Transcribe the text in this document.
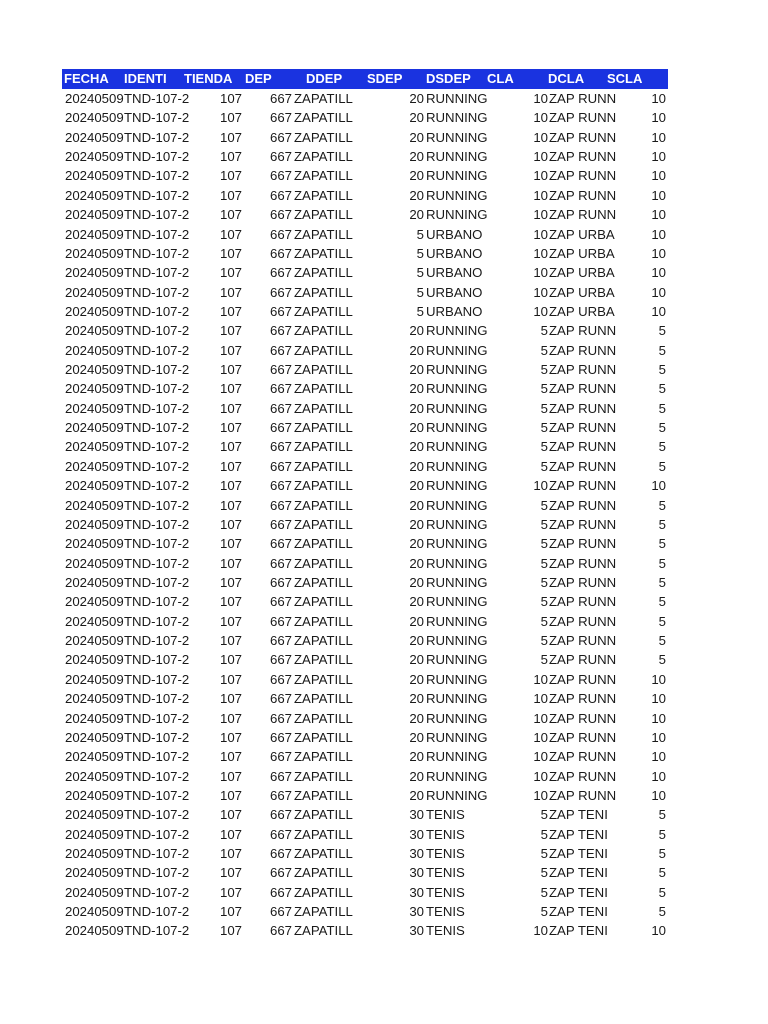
FECHA	IDENTI	TIENDA DEP	DDEP	SDEP	DSDEP	CLA	DCLA	SCLA
20240509 TND-107-2	107	667 ZAPATILL	20 RUNNING	10 ZAP RUNN	10
20240509 TND-107-2	107	667 ZAPATILL	20 RUNNING	10 ZAP RUNN	10
20240509 TND-107-2	107	667 ZAPATILL	20 RUNNING	10 ZAP RUNN	10
20240509 TND-107-2	107	667 ZAPATILL	20 RUNNING	10 ZAP RUNN	10
20240509 TND-107-2	107	667 ZAPATILL	20 RUNNING	10 ZAP RUNN	10
20240509 TND-107-2	107	667 ZAPATILL	20 RUNNING	10 ZAP RUNN	10
20240509 TND-107-2	107	667 ZAPATILL	20 RUNNING	10 ZAP RUNN	10
20240509 TND-107-2	107	667 ZAPATILL	5 URBANO	10 ZAP URBA	10
20240509 TND-107-2	107	667 ZAPATILL	5 URBANO	10 ZAP URBA	10
20240509 TND-107-2	107	667 ZAPATILL	5 URBANO	10 ZAP URBA	10
20240509 TND-107-2	107	667 ZAPATILL	5 URBANO	10 ZAP URBA	10
20240509 TND-107-2	107	667 ZAPATILL	5 URBANO	10 ZAP URBA	10
20240509 TND-107-2	107	667 ZAPATILL	20 RUNNING	5 ZAP RUNN	5
20240509 TND-107-2	107	667 ZAPATILL	20 RUNNING	5 ZAP RUNN	5
20240509 TND-107-2	107	667 ZAPATILL	20 RUNNING	5 ZAP RUNN	5
20240509 TND-107-2	107	667 ZAPATILL	20 RUNNING	5 ZAP RUNN	5
20240509 TND-107-2	107	667 ZAPATILL	20 RUNNING	5 ZAP RUNN	5
20240509 TND-107-2	107	667 ZAPATILL	20 RUNNING	5 ZAP RUNN	5
20240509 TND-107-2	107	667 ZAPATILL	20 RUNNING	5 ZAP RUNN	5
20240509 TND-107-2	107	667 ZAPATILL	20 RUNNING	5 ZAP RUNN	5
20240509 TND-107-2	107	667 ZAPATILL	20 RUNNING	10 ZAP RUNN	10
20240509 TND-107-2	107	667 ZAPATILL	20 RUNNING	5 ZAP RUNN	5
20240509 TND-107-2	107	667 ZAPATILL	20 RUNNING	5 ZAP RUNN	5
20240509 TND-107-2	107	667 ZAPATILL	20 RUNNING	5 ZAP RUNN	5
20240509 TND-107-2	107	667 ZAPATILL	20 RUNNING	5 ZAP RUNN	5
20240509 TND-107-2	107	667 ZAPATILL	20 RUNNING	5 ZAP RUNN	5
20240509 TND-107-2	107	667 ZAPATILL	20 RUNNING	5 ZAP RUNN	5
20240509 TND-107-2	107	667 ZAPATILL	20 RUNNING	5 ZAP RUNN	5
20240509 TND-107-2	107	667 ZAPATILL	20 RUNNING	5 ZAP RUNN	5
20240509 TND-107-2	107	667 ZAPATILL	20 RUNNING	5 ZAP RUNN	5
20240509 TND-107-2	107	667 ZAPATILL	20 RUNNING	10 ZAP RUNN	10
20240509 TND-107-2	107	667 ZAPATILL	20 RUNNING	10 ZAP RUNN	10
20240509 TND-107-2	107	667 ZAPATILL	20 RUNNING	10 ZAP RUNN	10
20240509 TND-107-2	107	667 ZAPATILL	20 RUNNING	10 ZAP RUNN	10
20240509 TND-107-2	107	667 ZAPATILL	20 RUNNING	10 ZAP RUNN	10
20240509 TND-107-2	107	667 ZAPATILL	20 RUNNING	10 ZAP RUNN	10
20240509 TND-107-2	107	667 ZAPATILL	20 RUNNING	10 ZAP RUNN	10
20240509 TND-107-2	107	667 ZAPATILL	30 TENIS	5 ZAP TENI	5
20240509 TND-107-2	107	667 ZAPATILL	30 TENIS	5 ZAP TENI	5
20240509 TND-107-2	107	667 ZAPATILL	30 TENIS	5 ZAP TENI	5
20240509 TND-107-2	107	667 ZAPATILL	30 TENIS	5 ZAP TENI	5
20240509 TND-107-2	107	667 ZAPATILL	30 TENIS	5 ZAP TENI	5
20240509 TND-107-2	107	667 ZAPATILL	30 TENIS	5 ZAP TENI	5
20240509 TND-107-2	107	667 ZAPATILL	30 TENIS	10 ZAP TENI	10
